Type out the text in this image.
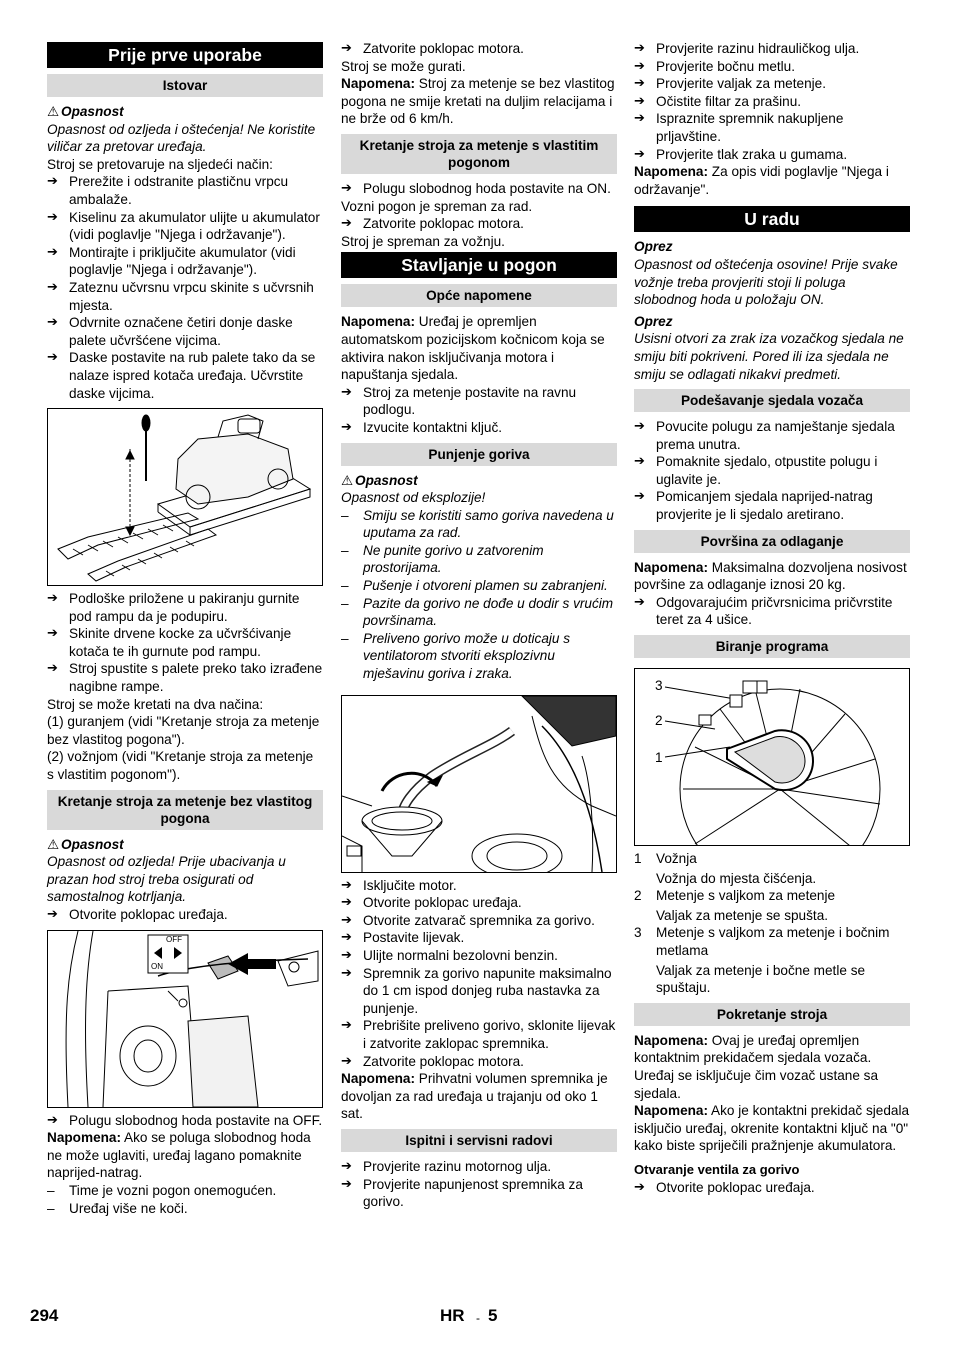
Prije prve uporabe
Istovar
⚠ Opasnost

Opasnost od ozljeda i oštećenja! Ne koristite viličar za pretovar uređaja.

Stroj se pretovaruje na sljedeći način:

➔ Prerežite i odstranite plastičnu vrpcu ambalaže.

➔ Kiselinu za akumulator ulijte u akumulator (vidi poglavlje "Njega i održavanje").

➔ Montirajte i priključite akumulator (vidi poglavlje "Njega i održavanje").

➔ Zateznu učvrsnu vrpcu skinite s učvrsnih mjesta.

➔ Odvrnite označene četiri donje daske palete učvršćene vijcima.

➔ Daske postavite na rub palete tako da se nalaze ispred kotača uređaja. Učvrstite daske vijcima.

➔ Podloške priložene u pakiranju gurnite pod rampu da je podupiru.

➔ Skinite drvene kocke za učvršćivanje kotača te ih gurnute pod rampu.

➔ Stroj spustite s palete preko tako izrađene nagibne rampe.

Stroj se može kretati na dva načina:

(1) guranjem (vidi "Kretanje stroja za metenje bez vlastitog pogona").

(2) vožnjom (vidi "Kretanje stroja za metenje s vlastitim pogonom").

Kretanje stroja za metenje bez vlastitog pogona
⚠ Opasnost

Opasnost od ozljeda! Prije ubacivanja u prazan hod stroj treba osigurati od samostalnog kotrljanja.

➔ Otvorite poklopac uređaja.

OFF
ON

➔ Polugu slobodnog hoda postavite na OFF.

Napomena: Ako se poluga slobodnog hoda ne može uglaviti, uređaj lagano pomaknite naprijed-natrag.

– Time je vozni pogon onemogućen.

– Uređaj više ne koči.

➔ Zatvorite poklopac motora.

Stroj se može gurati.

Napomena: Stroj za metenje se bez vlastitog pogona ne smije kretati na duljim relacijama i ne brže od 6 km/h.

Kretanje stroja za metenje s vlastitim pogonom

➔ Polugu slobodnog hoda postavite na ON.

Vozni pogon je spreman za rad.

➔ Zatvorite poklopac motora.

Stroj je spreman za vožnju.

Stavljanje u pogon
Opće napomene

Napomena: Uređaj je opremljen automatskom pozicijskom kočnicom koja se aktivira nakon isključivanja motora i napuštanja sjedala.

➔ Stroj za metenje postavite na ravnu podlogu.

➔ Izvucite kontaktni ključ.

Punjenje goriva
⚠ Opasnost

Opasnost od eksplozije!

– Smiju se koristiti samo goriva navedena u uputama za rad.

– Ne punite gorivo u zatvorenim prostorijama.

– Pušenje i otvoreni plamen su zabranjeni.

– Pazite da gorivo ne dođe u dodir s vrućim površinama.

– Preliveno gorivo može u doticaju s ventilatorom stvoriti eksplozivnu mješavinu goriva i zraka.

➔ Isključite motor.

➔ Otvorite poklopac uređaja.

➔ Otvorite zatvarač spremnika za gorivo.

➔ Postavite lijevak.

➔ Ulijte normalni bezolovni benzin.

➔ Spremnik za gorivo napunite maksimalno do 1 cm ispod donjeg ruba nastavka za punjenje.

➔ Prebrišite preliveno gorivo, sklonite lijevak i zatvorite zaklopac spremnika.

➔ Zatvorite poklopac motora.

Napomena: Prihvatni volumen spremnika je dovoljan za rad uređaja u trajanju od oko 1 sat.

Ispitni i servisni radovi

➔ Provjerite razinu motornog ulja.

➔ Provjerite napunjenost spremnika za gorivo.

➔ Provjerite razinu hidrauličkog ulja.

➔ Provjerite bočnu metlu.

➔ Provjerite valjak za metenje.

➔ Očistite filtar za prašinu.

➔ Ispraznite spremnik nakupljene prljavštine.

➔ Provjerite tlak zraka u gumama.

Napomena: Za opis vidi poglavlje "Njega i održavanje".

U radu

Oprez

Opasnost od oštećenja osovine! Prije svake vožnje treba provjeriti stoji li poluga slobodnog hoda u položaju ON.

Oprez

Usisni otvori za zrak iza vozačkog sjedala ne smiju biti pokriveni. Pored ili iza sjedala ne smiju se odlagati nikakvi predmeti.

Podešavanje sjedala vozača

➔ Povucite polugu za namještanje sjedala prema unutra.

➔ Pomaknite sjedalo, otpustite polugu i uglavite je.

➔ Pomicanjem sjedala naprijed-natrag provjerite je li sjedalo aretirano.

Površina za odlaganje

Napomena: Maksimalna dozvoljena nosivost površine za odlaganje iznosi 20 kg.

➔ Odgovarajućim pričvrsnicima pričvrstite teret za 4 ušice.

Biranje programa
3
2
1
1 Vožnja

Vožnja do mjesta čišćenja.

2 Metenje s valjkom za metenje

Valjak za metenje se spušta.

3 Metenje s valjkom za metenje i bočnim metlama

Valjak za metenje i bočne metle se spuštaju.

Pokretanje stroja

Napomena: Ovaj je uređaj opremljen kontaktnim prekidačem sjedala vozača. Uređaj se isključuje čim vozač ustane sa sjedala.

Napomena: Ako je kontaktni prekidač sjedala isključio uređaj, okrenite kontaktni ključ na "0" kako biste spriječili pražnjenje akumulatora.

Otvaranje ventila za gorivo

➔ Otvorite poklopac uređaja.

294	HR - 5
